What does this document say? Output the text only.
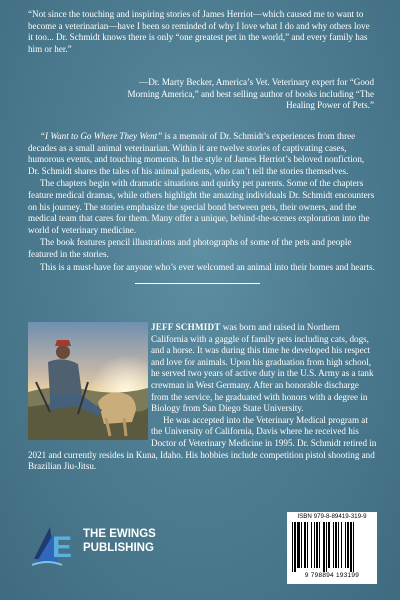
“Not since the touching and inspiring stories of James Herriot—which caused me to want to become a veterinarian—have I been so reminded of why I love what I do and why others love it too... Dr. Schmidt knows there is only “one greatest pet in the world,” and every family has him or her.”
—Dr. Marty Becker, America’s Vet. Veterinary expert for “Good Morning America,” and best selling author of books including “The Healing Power of Pets.”

“I Want to Go Where They Went” is a memoir of Dr. Schmidt’s experiences from three decades as a small animal veterinarian. Within it are twelve stories of captivating cases, humorous events, and touching moments. In the style of James Herriot’s beloved nonfiction, Dr. Schmidt shares the tales of his animal patients, who can’t tell the stories themselves.

The chapters begin with dramatic situations and quirky pet parents. Some of the chapters feature medical dramas, while others highlight the amazing individuals Dr. Schmidt encounters on his journey. The stories emphasize the special bond between pets, their owners, and the medical team that cares for them. Many offer a unique, behind-the-scenes exploration into the world of veterinary medicine.

The book features pencil illustrations and photographs of some of the pets and people featured in the stories.

This is a must-have for anyone who’s ever welcomed an animal into their homes and hearts.

JEFF SCHMIDT was born and raised in Northern California with a gaggle of family pets including cats, dogs, and a horse. It was during this time he developed his respect and love for animals. Upon his graduation from high school, he served two years of active duty in the U.S. Army as a tank crewman in West Germany. After an honorable discharge from the service, he graduated with honors with a degree in Biology from San Diego State University.

He was accepted into the Veterinary Medical program at the University of California, Davis where he received his Doctor of Veterinary Medicine in 1995. Dr. Schmidt retired in 2021 and currently resides in Kuna, Idaho. His hobbies include competition pistol shooting and Brazilian Jiu-Jitsu.

E THE EWINGS
PUBLISHING
ISBN 979-8-89419-319-9
9 798894 193199
